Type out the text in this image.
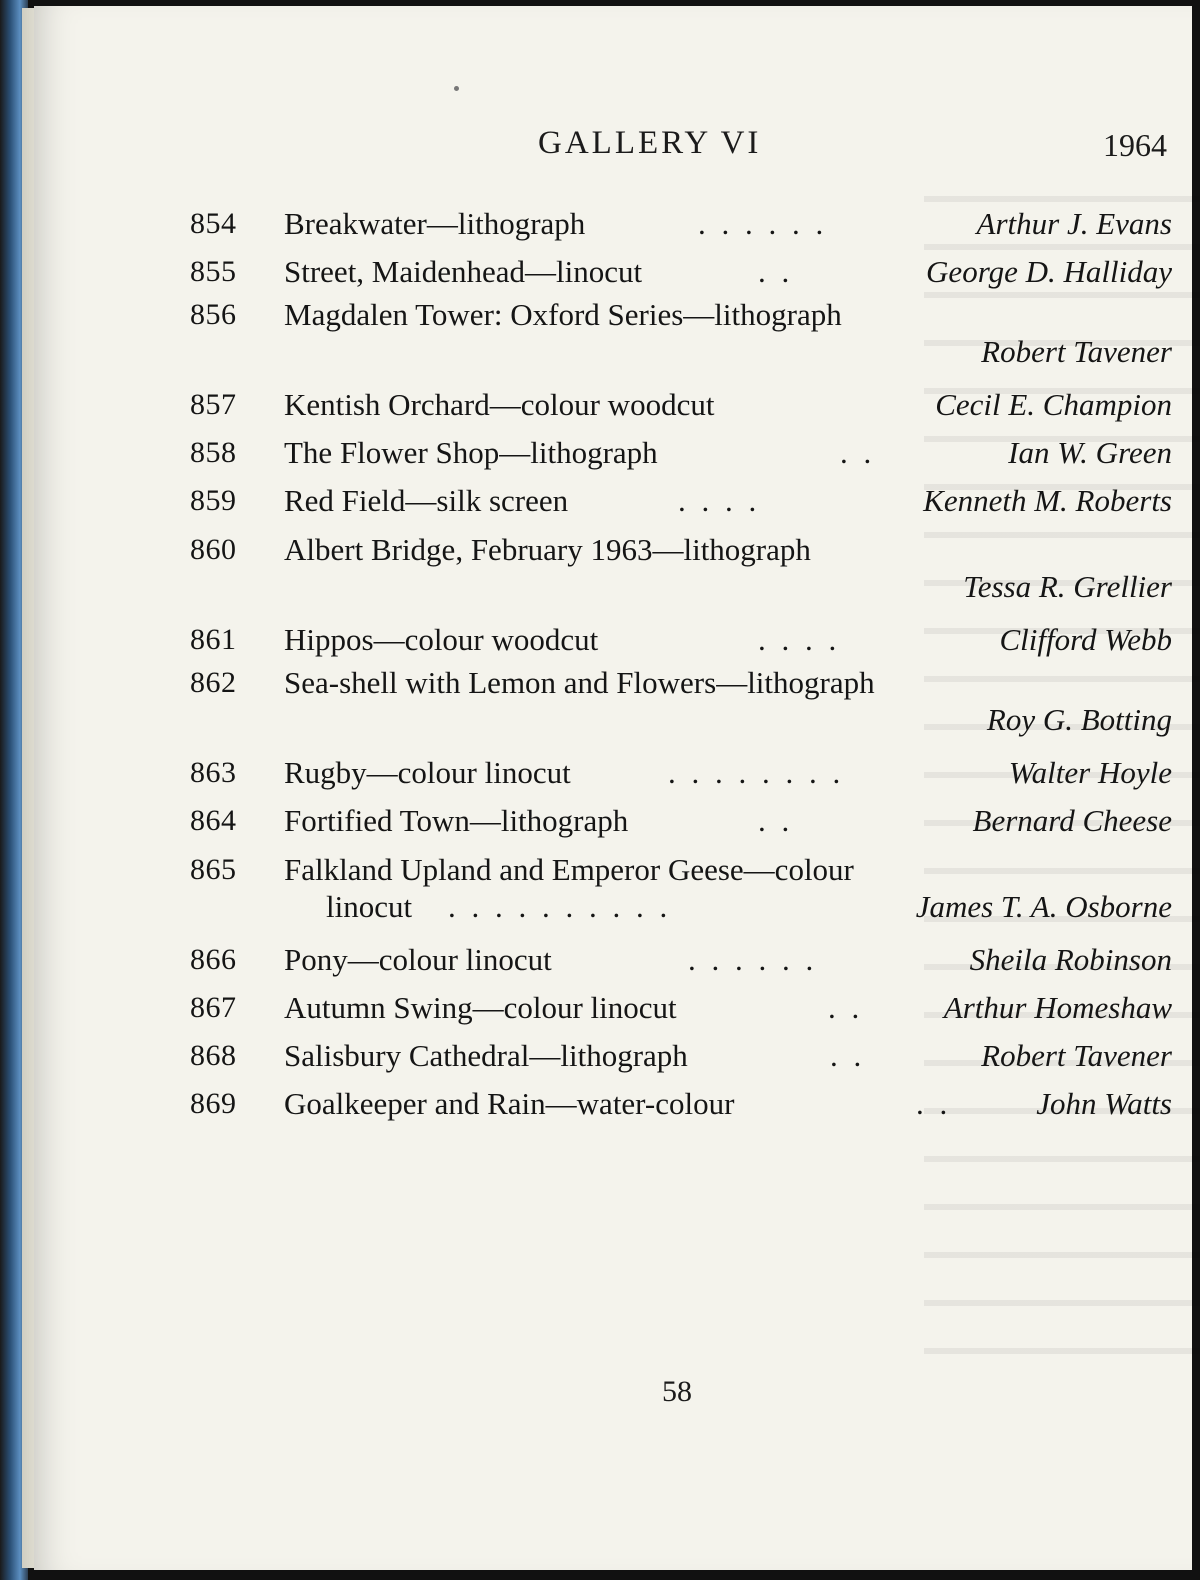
GALLERY VI	1964
854	Breakwater—lithograph	. . . . . .	Arthur J. Evans
855	Street, Maidenhead—linocut	. .	George D. Halliday
856	Magdalen Tower: Oxford Series—lithograph
Robert Tavener
857	Kentish Orchard—colour woodcut	Cecil E. Champion
858	The Flower Shop—lithograph	. .	Ian W. Green
859	Red Field—silk screen	. . . .	Kenneth M. Roberts
860	Albert Bridge, February 1963—lithograph
Tessa R. Grellier
861	Hippos—colour woodcut	. . . .	Clifford Webb
862	Sea-shell with Lemon and Flowers—lithograph
Roy G. Botting
863	Rugby—colour linocut	. . . . . . . .	Walter Hoyle
864	Fortified Town—lithograph	. .	Bernard Cheese
865	Falkland Upland and Emperor Geese—colour
linocut . . . . . . . . . .	James T. A. Osborne
866	Pony—colour linocut	. . . . . .	Sheila Robinson
867	Autumn Swing—colour linocut	. .	Arthur Homeshaw
868	Salisbury Cathedral—lithograph	. .	Robert Tavener
869	Goalkeeper and Rain—water-colour	. .	John Watts
58
